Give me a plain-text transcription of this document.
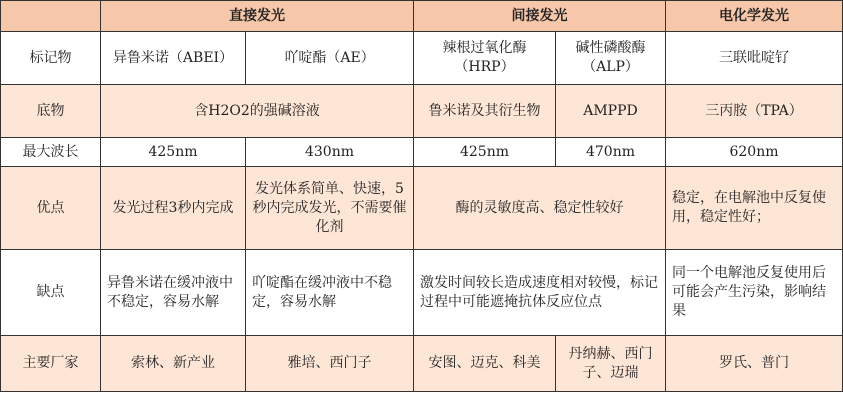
	直接发光		间接发光		电化学发光
标记物	异鲁米诺（ABEI）	吖啶酯（AE）	辣根过氧化酶（HRP）	碱性磷酸酶（ALP）	三联吡啶钌
底物	含H2O2的强碱溶液		鲁米诺及其衍生物	AMPPD	三丙胺（TPA）
最大波长	425nm	430nm	425nm	470nm	620nm
优点	发光过程3秒内完成	发光体系简单、快速，5秒内完成发光，不需要催化剂	酶的灵敏度高、稳定性较好		稳定，在电解池中反复使用，稳定性好；
缺点	异鲁米诺在缓冲液中不稳定，容易水解	吖啶酯在缓冲液中不稳定，容易水解	激发时间较长造成速度相对较慢，标记过程中可能遮掩抗体反应位点		同一个电解池反复使用后可能会产生污染，影响结果
主要厂家	索林、新产业	雅培、西门子	安图、迈克、科美	丹纳赫、西门子、迈瑞	罗氏、普门
